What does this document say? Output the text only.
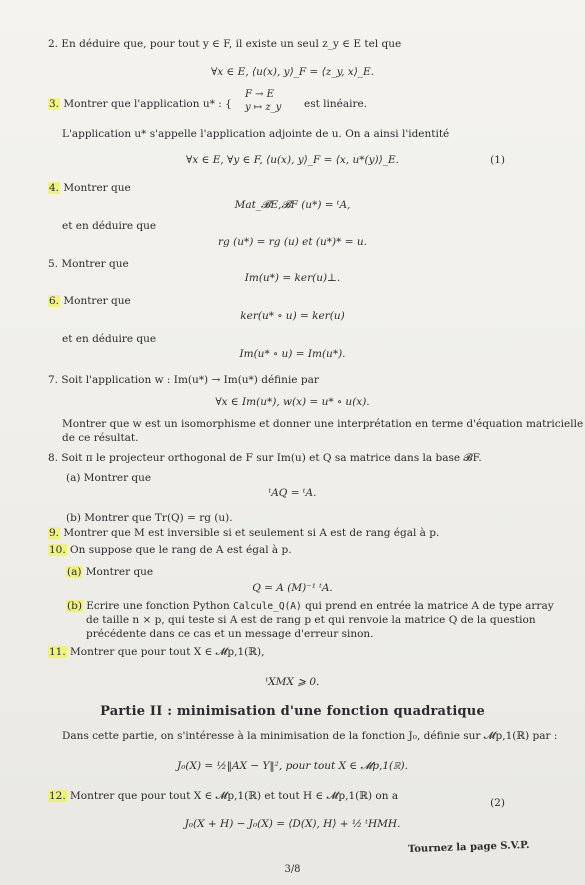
2. En déduire que, pour tout y ∈ F, il existe un seul z_y ∈ E tel que
∀x ∈ E, ⟨u(x), y⟩_F = ⟨z_y, x⟩_E.
3. Montrer que l'application u* : {
F → E
y ↦ z_y est linéaire.
L'application u* s'appelle l'application adjointe de u. On a ainsi l'identité
∀x ∈ E, ∀y ∈ F, ⟨u(x), y⟩_F = ⟨x, u*(y)⟩_E.	(1)
4. Montrer que
Mat_𝓑E,𝓑F (u*) = ᵗA,
et en déduire que
rg (u*) = rg (u) et (u*)* = u.
5. Montrer que
Im(u*) = ker(u)⊥.
6. Montrer que
ker(u* ∘ u) = ker(u)
et en déduire que
Im(u* ∘ u) = Im(u*).
7. Soit l'application w : Im(u*) → Im(u*) définie par
∀x ∈ Im(u*), w(x) = u* ∘ u(x).
Montrer que w est un isomorphisme et donner une interprétation en terme d'équation matricielle
de ce résultat.
8. Soit π le projecteur orthogonal de F sur Im(u) et Q sa matrice dans la base 𝓑F.
(a) Montrer que
ᵗAQ = ᵗA.
(b) Montrer que Tr(Q) = rg (u).
9. Montrer que M est inversible si et seulement si A est de rang égal à p.
10. On suppose que le rang de A est égal à p.
(a) Montrer que
Q = A (M)⁻¹ ᵗA.
(b) Ecrire une fonction Python Calcule_Q(A) qui prend en entrée la matrice A de type array
de taille n × p, qui teste si A est de rang p et qui renvoie la matrice Q de la question
précédente dans ce cas et un message d'erreur sinon.
11. Montrer que pour tout X ∈ 𝓜p,1(ℝ),
ᵗXMX ⩾ 0.
Partie II : minimisation d'une fonction quadratique
Dans cette partie, on s'intéresse à la minimisation de la fonction J₀, définie sur 𝓜p,1(ℝ) par :
J₀(X) = ½‖AX − Y‖², pour tout X ∈ 𝓜p,1(ℝ).
12. Montrer que pour tout X ∈ 𝓜p,1(ℝ) et tout H ∈ 𝓜p,1(ℝ) on a
(2)
J₀(X + H) − J₀(X) = ⟨D(X), H⟩ + ½ ᵗHMH.
Tournez la page S.V.P.
3/8
